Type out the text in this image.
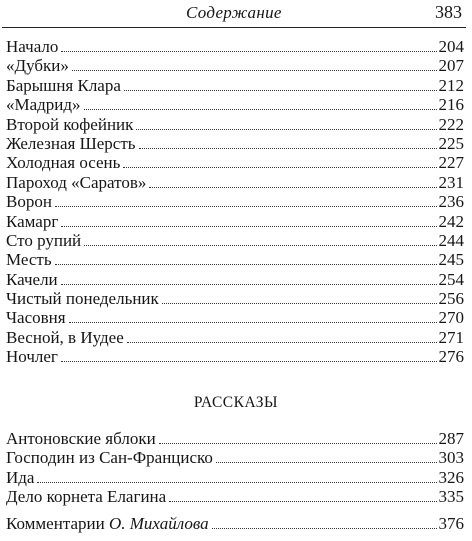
Содержание	383
Начало	204
«Дубки»	207
Барышня Клара	212
«Мадрид»	216
Второй кофейник	222
Железная Шерсть	225
Холодная осень	227
Пароход «Саратов»	231
Ворон	236
Камарг	242
Сто рупий	244
Месть	245
Качели	254
Чистый понедельник	256
Часовня	270
Весной, в Иудее	271
Ночлег	276
РАССКАЗЫ
Антоновские яблоки	287
Господин из Сан-Франциско	303
Ида	326
Дело корнета Елагина	335
Комментарии О. Михайлова	376
